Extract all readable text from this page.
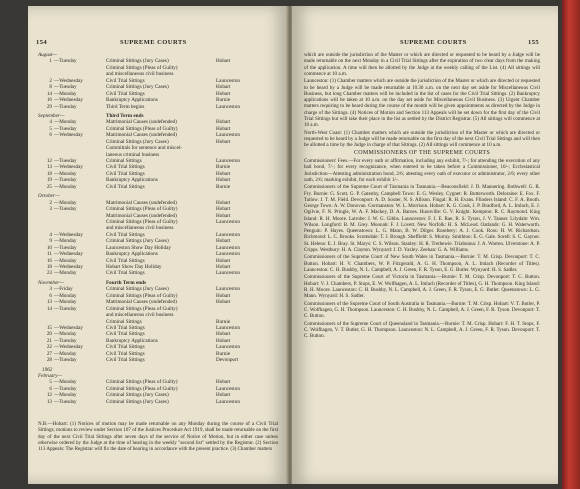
154	SUPREME COURTS
August—
1 —Tuesday	Criminal Sittings (Jury Cases)	Hobart
Criminal Sittings (Pleas of Guilty)
and miscellaneous civil business
2 —Wednesday	Civil Trial Sittings	Launceston
8 —Tuesday	Criminal Sittings (Jury Cases)	Hobart
14 —Monday	Civil Trial Sittings	Hobart
16 —Wednesday	Bankruptcy Applications	Burnie
29 —Tuesday	Third Term begins	Launceston
September—	Third Term ends
4 —Monday	Matrimonial Causes (undefended)	Hobart
5 —Tuesday	Criminal Sittings (Pleas of Guilty)	Hobart
6 —Wednesday	Matrimonial Causes (undefended)	Launceston
Criminal Sittings (Jury Cases)	Hobart
Committals for sentence and miscel-
laneous criminal business
12 —Tuesday	Criminal Sittings	Launceston
13 —Wednesday	Civil Trial Sittings	Burnie
18 —Monday	Civil Trial Sittings	Hobart
19 —Tuesday	Bankruptcy Applications	Hobart
25 —Monday	Civil Trial Sittings	Burnie
October—
2 —Monday	Matrimonial Causes (undefended)	Hobart
3 —Tuesday	Criminal Sittings (Pleas of Guilty)	Hobart
Matrimonial Causes (undefended)	Hobart
Criminal Sittings (Pleas of Guilty)	Launceston
and miscellaneous civil business
4 —Wednesday	Civil Trial Sittings	Launceston
9 —Monday	Criminal Sittings (Jury Cases)	Hobart
10 —Tuesday	Launceston Show Day Holiday	Launceston
11 —Wednesday	Bankruptcy Applications	Launceston
16 —Monday	Civil Trial Sittings	Hobart
18 —Wednesday	Hobart Show Day Holiday	Hobart
23 —Monday	Civil Trial Sittings	Launceston
November—	Fourth Term ends
3 —Friday	Criminal Sittings (Jury Cases)	Launceston
6 —Monday	Criminal Sittings (Pleas of Guilty)	Hobart
13 —Monday	Matrimonial Causes (undefended)	Hobart
14 —Tuesday	Criminal Sittings (Pleas of Guilty)
and miscellaneous civil business
Criminal Sittings	Burnie
15 —Wednesday	Civil Trial Sittings	Launceston
20 —Monday	Civil Trial Sittings	Hobart
21 —Tuesday	Bankruptcy Applications	Hobart
22 —Wednesday	Civil Trial Sittings	Launceston
27 —Monday	Civil Trial Sittings	Burnie
28 —Tuesday	Civil Trial Sittings	Devonport
1962
February—
5 —Monday	Criminal Sittings (Pleas of Guilty)	Hobart
6 —Tuesday	Criminal Sittings (Pleas of Guilty)	Launceston
12 —Monday	Criminal Sittings (Jury Cases)	Hobart
13 —Tuesday	Criminal Sittings (Jury Cases)	Launceston

N.B.—Hobart: (1) Notices of motion may be made returnable on any Monday during the course of a Civil Trial Sittings; motions to review under Section 107 of the Justices Procedure Act 1919, shall be made returnable on the first day of the next Civil Trial Sittings after seven days of the service of Notice of Motion, but in either case unless otherwise ordered by the Judge at the time of hearing in the weekly "second list" settled by the Registrar. (2) Section 113 Appeals: The Registrar will fix the date of hearing in accordance with the present practice. (3) Chamber matters

SUPREME COURTS	155

which are outside the jurisdiction of the Master or which are directed or requested to be heard by a Judge will be made returnable on the next Monday in a Civil Trial Sittings after the expiration of two clear days from the making of the application. A time will then be allotted by the Judge at the weekly calling of the List. (4) All sittings will commence at 10 a.m.

Launceston: (1) Chamber matters which are outside the jurisdiction of the Master or which are directed or requested to be heard by a Judge will be made returnable at 10.30 a.m. on the next day set aside for Miscellaneous Civil Business, but long Chamber matters will be included in the list of cases for the Civil Trial Sittings. (2) Bankruptcy applications will be taken at 10 a.m. on the day set aside for Miscellaneous Civil Business. (3) Urgent Chamber matters requiring to be heard during the course of the month will be given appointments as directed by the Judge in charge of the Sittings. (4) Notices of Motion and Section 113 Appeals will be set down for the first day of the Civil Trial Sittings but will take their place in the list as settled by the District Registrar. (5) All sittings will commence at 10 a.m.

North-West Coast: (1) Chamber matters which are outside the jurisdiction of the Master or which are directed or requested to be heard by a Judge will be made returnable on the first day of the next Civil Trial Sittings and will then be allotted a time by the Judge in charge of that Sittings. (2) All sittings will commence at 10 a.m.

COMMISSIONERS OF THE SUPREME COURTS

Commissioners' Fees.—For every oath or affirmation, including any exhibit, 7/-; for attending the execution of any bail bond, 7/-; for every recognizance, when entered to be taken before a Commissioner, 10/-; Ecclesiastical Jurisdiction—Attesting administration bond, 2/6; attesting every oath of executor or administrator, 2/6; every other oath, 2/6; marking exhibit, for each exhibit 1/-.

Commissioners of the Supreme Court of Tasmania in Tasmania.—Beaconsfield: J. D. Mannering. Bothwell: G. R. Fry. Burnie: G. Scott, G. P. Gatenby, Campbell Town: E. G. Wesley. Cygnet: R. Butterworth. Deloraine: E. Fox. F. Tatlow. J. T. M. Field. Devonport: A. D. Souter, N. S. Allison. Fingal: R. H. Evans. Flinders Island: C. F. A. Booth. George Town: A. W. Donovan. Gormanston: W. L. Morrison. Hobart: K. G. Cook, J. P. Bradford, A. L. Imlach, E. J. Ogilvie, F. N. Pringle, W. A. F. Mackey, D. A. Barnes. Huonville: G. V. Knight. Kempton: R. C. Raymond. King Island: R. H. Moore. Latrobe: J. W. G. Gibbs. Launceston: F. J. E. Rae, R. S. Tyson, J. V. Tanner. Lilydale: Wm. Wilson. Longford: B. M. Grey. Moonah: F. J. Lovett. New Norfolk: H. S. McLeod. Oatlands: G. H. Waterworth. Penguin: P. Hayes. Queenstown: L. G. Mann, B. W. Dilger. Rosebery: A. J. Cook. Ross: H. W. Richardson. Richmond: L. C. Brooks. Scottsdale: T. J. Brough. Sheffield: S. Murray. Smithton: E. G. Gale. Sorell: S. C. Gaynor. St. Helens: E. J. Bray. St. Marys: C. S. Wilson. Stanley: H. R. Trethewie. Triabunna: J. A. Warren. Ulverstone: A. P. Cripps. Westbury: H. A. Clayton. Wynyard: J. D. Yaxley. Zeehan: G. A. Williams.

Commissioners of the Supreme Court of New South Wales in Tasmania.—Burnie: T. M. Crisp. Devonport: T. C. Button. Hobart: H. V. Chambers, W. P. Fitzgerald, A. G. H. Thompson, A. L. Imlach (Recorder of Titles). Launceston: C. H. Bushby, N. L. Campbell, A. J. Green, F. R. Tyson, E. G. Butler. Wynyard: H. S. Sadler.

Commissioners of the Supreme Court of Victoria in Tasmania.—Burnie: T. M. Crisp. Devonport: T. C. Button. Hobart: V. J. Chambers, P. Stops, E. W. Wolfhagen, A. L. Imlach (Recorder of Titles), G. H. Thompson. King Island: R. H. Moore. Launceston: C. H. Bushby, N. L. Campbell, A. J. Green, F. R. Tyson, E. G. Butler. Queenstown: L. G. Mann. Wynyard: H. S. Sadler.

Commissioners of the Supreme Court of South Australia in Tasmania.—Burnie: T. M. Crisp. Hobart: V. T. Butler, P. C. Wolfhagen, G. H. Thompson. Launceston: C. H. Bushby, N. L. Campbell, A. J. Green, F. R. Tyson. Devonport: T. C. Button.

Commissioners of the Supreme Court of Queensland in Tasmania.—Burnie: T. M. Crisp. Hobart: F. H. T. Stops, F. C. Wolfhagen, V. T. Butler, G. H. Thompson. Launceston: N. L. Campbell, A. J. Green, F. R. Tyson. Devonport: T. C. Button.
